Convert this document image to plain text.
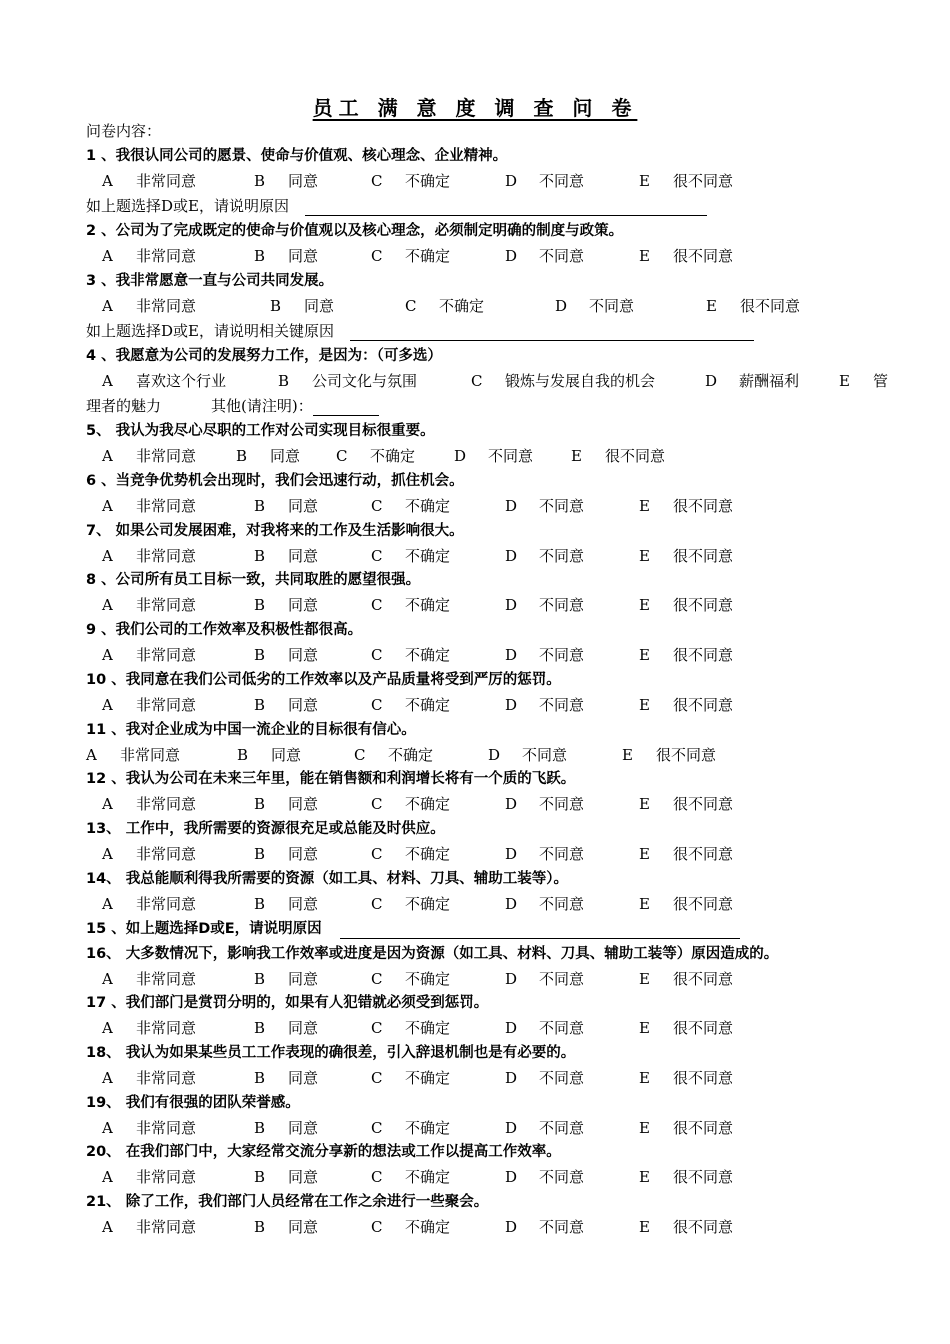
员工 满 意 度 调 查 问 卷
问卷内容：
1 、我很认同公司的愿景、使命与价值观、核心理念、企业精神。
A 非常同意	B 同意	C 不确定	D 不同意	E 很不同意
如上题选择D或E，请说明原因
2 、公司为了完成既定的使命与价值观以及核心理念，必须制定明确的制度与政策。
A 非常同意	B 同意	C 不确定	D 不同意	E 很不同意
3 、我非常愿意一直与公司共同发展。
A 非常同意	B 同意	C 不确定	D 不同意	E 很不同意
如上题选择D或E，请说明相关键原因
4 、我愿意为公司的发展努力工作，是因为：（可多选）
A 喜欢这个行业	B 公司文化与氛围	C 锻炼与发展自我的机会	D 薪酬福利	E 管
理者的魅力	其他(请注明)：
5、 我认为我尽心尽职的工作对公司实现目标很重要。
A 非常同意	B 同意 C 不确定	D 不同意	E 很不同意
6 、当竞争优势机会出现时，我们会迅速行动，抓住机会。
A 非常同意	B 同意	C 不确定	D 不同意	E 很不同意
7、 如果公司发展困难，对我将来的工作及生活影响很大。
A 非常同意	B 同意	C 不确定	D 不同意	E 很不同意
8 、公司所有员工目标一致，共同取胜的愿望很强。
A 非常同意	B 同意	C 不确定	D 不同意	E 很不同意
9 、我们公司的工作效率及积极性都很高。
A 非常同意	B 同意	C 不确定	D 不同意	E 很不同意
10 、我同意在我们公司低劣的工作效率以及产品质量将受到严厉的惩罚。
A 非常同意	B 同意	C 不确定	D 不同意	E 很不同意
11 、我对企业成为中国一流企业的目标很有信心。
A 非常同意	B 同意	C 不确定	D 不同意	E 很不同意
12 、我认为公司在未来三年里，能在销售额和利润增长将有一个质的飞跃。
A 非常同意	B 同意	C 不确定	D 不同意	E 很不同意
13、 工作中，我所需要的资源很充足或总能及时供应。
A 非常同意	B 同意	C 不确定	D 不同意	E 很不同意
14、 我总能顺利得我所需要的资源（如工具、材料、刀具、辅助工装等）。
A 非常同意	B 同意	C 不确定	D 不同意	E 很不同意
15 、如上题选择D或E，请说明原因
16、 大多数情况下，影响我工作效率或进度是因为资源（如工具、材料、刀具、辅助工装等）原因造成的。
A 非常同意	B 同意	C 不确定	D 不同意	E 很不同意
17 、我们部门是赏罚分明的，如果有人犯错就必须受到惩罚。
A 非常同意	B 同意	C 不确定	D 不同意	E 很不同意
18、 我认为如果某些员工工作表现的确很差，引入辞退机制也是有必要的。
A 非常同意	B 同意	C 不确定	D 不同意	E 很不同意
19、 我们有很强的团队荣誉感。
A 非常同意	B 同意	C 不确定	D 不同意	E 很不同意
20、 在我们部门中，大家经常交流分享新的想法或工作以提高工作效率。
A 非常同意	B 同意	C 不确定	D 不同意	E 很不同意
21、 除了工作，我们部门人员经常在工作之余进行一些聚会。
A 非常同意	B 同意	C 不确定	D 不同意	E 很不同意
